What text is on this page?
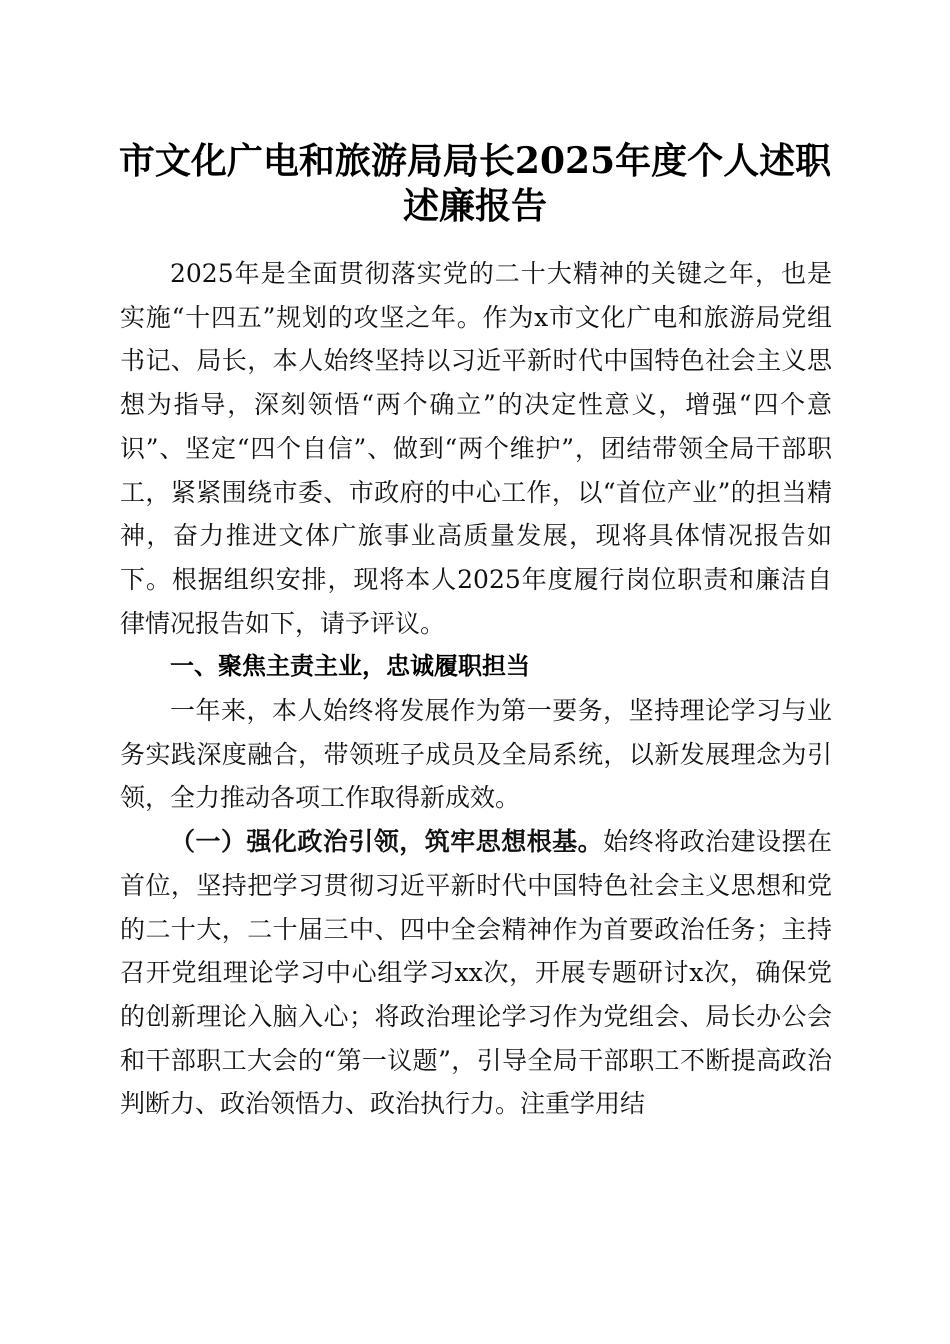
市文化广电和旅游局局长2025年度个人述职
述廉报告

2025年是全面贯彻落实党的二十大精神的关键之年，也是实施“十四五”规划的攻坚之年。作为x市文化广电和旅游局党组书记、局长，本人始终坚持以习近平新时代中国特色社会主义思想为指导，深刻领悟“两个确立”的决定性意义，增强“四个意识”、坚定“四个自信”、做到“两个维护”，团结带领全局干部职工，紧紧围绕市委、市政府的中心工作，以“首位产业”的担当精神，奋力推进文体广旅事业高质量发展，现将具体情况报告如下。根据组织安排，现将本人2025年度履行岗位职责和廉洁自律情况报告如下，请予评议。

一、聚焦主责主业，忠诚履职担当

一年来，本人始终将发展作为第一要务，坚持理论学习与业务实践深度融合，带领班子成员及全局系统，以新发展理念为引领，全力推动各项工作取得新成效。

（一）强化政治引领，筑牢思想根基。始终将政治建设摆在首位，坚持把学习贯彻习近平新时代中国特色社会主义思想和党的二十大，二十届三中、四中全会精神作为首要政治任务；主持召开党组理论学习中心组学习xx次，开展专题研讨x次，确保党的创新理论入脑入心；将政治理论学习作为党组会、局长办公会和干部职工大会的“第一议题”，引导全局干部职工不断提高政治判断力、政治领悟力、政治执行力。注重学用结
